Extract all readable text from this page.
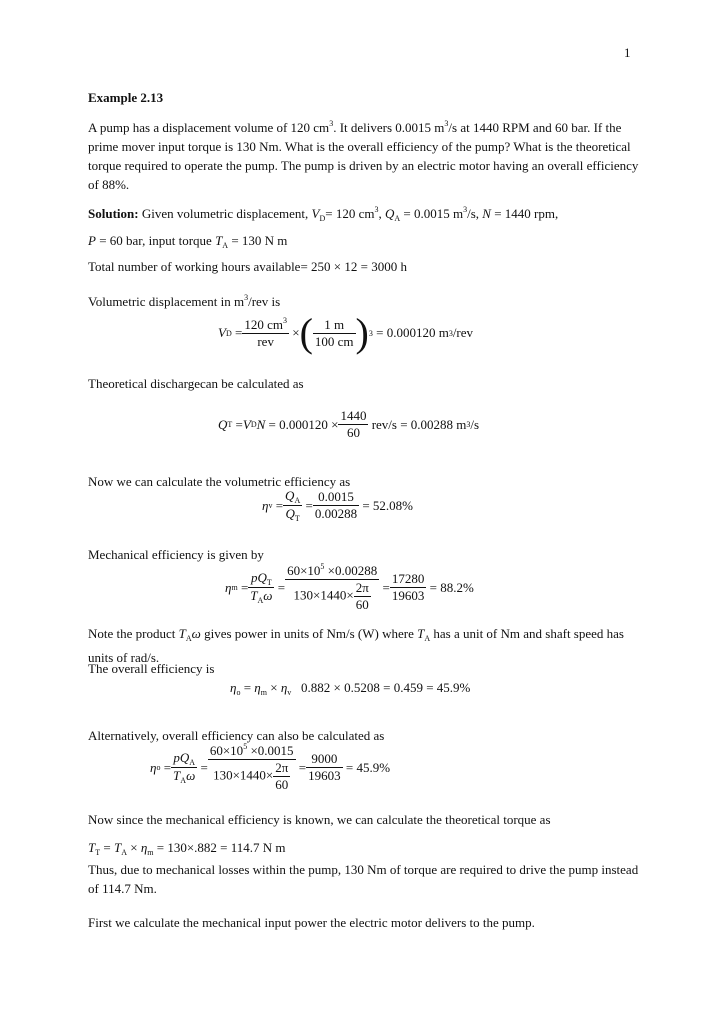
1
Example 2.13
A pump has a displacement volume of 120 $cm^3$. It delivers 0.0015 $m^3/s$ at 1440 RPM and 60 bar. If the prime mover input torque is 130 Nm. What is the overall efficiency of the pump? What is the theoretical torque required to operate the pump. The pump is driven by an electric motor having an overall efficiency of 88%.
Solution: Given volumetric displacement, $V_D= 120$ $cm^3$, $Q_A = 0.0015$ $m^3/s$, N = 1440 rpm,
P = 60 bar, input torque $T_A = 130$ N m
Total number of working hours available= 250 × 12 = 3000 h
Volumetric displacement in $m^3$/rev is
V $D = \frac{120 cm^3}{\text{rev}}$ × ( $\frac{1 m}{100 cm}$ ) 3
= 0.000120 m 3 /rev
Theoretical dischargecan be calculated as
Q T = V D N
= $0.000120 \times \frac{1440}{60}$
rev/s = 0.00288 m 3 /s
Now we can calculate the volumetric efficiency as
η $v = \frac{Q_A}{Q_T} = \frac{0.0015}{0.00288}$
= 52.08%
Mechanical efficiency is given by
η $m = \frac{pQ_T}{T_A\omega} = \frac{60\times 10^5 \times 0.00288}{130\times 1440\times \frac{2\pi}{60}} = \frac{17280}{19603}$
= 88.2%
Note the product $T_A\omega$ gives power in units of Nm/s (W) where $T_A$ has a unit of Nm and shaft speed has units of rad/s.
The overall efficiency is
$\eta_o = \eta_m \times \eta_v$ 0.882 × 0.5208 = 0.459 = 45.9%
Alternatively, overall efficiency can also be calculated as
η $o = \frac{pQ_A}{T_A\omega} = \frac{60\times 10^5 \times 0.0015}{130\times 1440\times \frac{2\pi}{60}} = \frac{9000}{19603}$
= 45.9%
Now since the mechanical efficiency is known, we can calculate the theoretical torque as
$T_T = T_A \times \eta_m = 130\times.882 = 114.7$ N m
Thus, due to mechanical losses within the pump, 130 Nm of torque are required to drive the pump instead of 114.7 Nm.
First we calculate the mechanical input power the electric motor delivers to the pump.
